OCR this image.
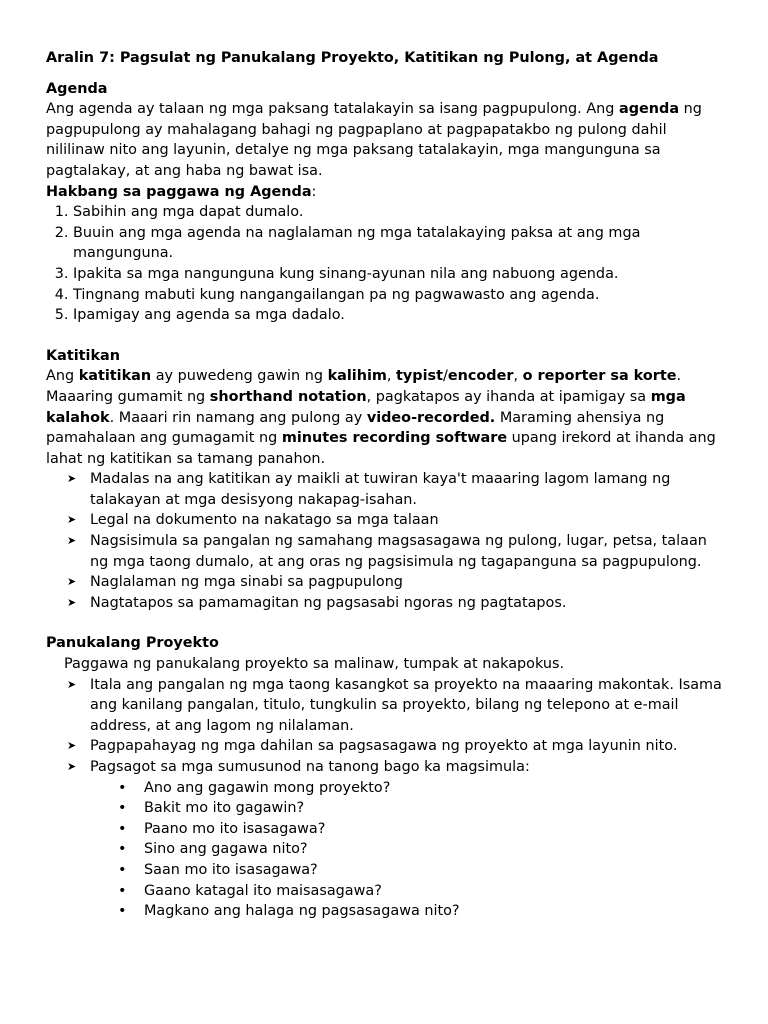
Aralin 7: Pagsulat ng Panukalang Proyekto, Katitikan ng Pulong, at Agenda

Agenda

Ang agenda ay talaan ng mga paksang tatalakayin sa isang pagpupulong. Ang agenda ng pagpupulong ay mahalagang bahagi ng pagpaplano at pagpapatakbo ng pulong dahil nililinaw nito ang layunin, detalye ng mga paksang tatalakayin, mga mangunguna sa pagtalakay, at ang haba ng bawat isa.

Hakbang sa paggawa ng Agenda:

1. Sabihin ang mga dapat dumalo.
2. Buuin ang mga agenda na naglalaman ng mga tatalakaying paksa at ang mga mangunguna.
3. Ipakita sa mga nangunguna kung sinang-ayunan nila ang nabuong agenda.
4. Tingnang mabuti kung nangangailangan pa ng pagwawasto ang agenda.
5. Ipamigay ang agenda sa mga dadalo.

Katitikan

Ang katitikan ay puwedeng gawin ng kalihim, typist/encoder, o reporter sa korte. Maaaring gumamit ng shorthand notation, pagkatapos ay ihanda at ipamigay sa mga kalahok. Maaari rin namang ang pulong ay video-recorded. Maraming ahensiya ng pamahalaan ang gumagamit ng minutes recording software upang irekord at ihanda ang lahat ng katitikan sa tamang panahon.

➤ Madalas na ang katitikan ay maikli at tuwiran kaya't maaaring lagom lamang ng talakayan at mga desisyong nakapag-isahan.
➤ Legal na dokumento na nakatago sa mga talaan
➤ Nagsisimula sa pangalan ng samahang magsasagawa ng pulong, lugar, petsa, talaan ng mga taong dumalo, at ang oras ng pagsisimula ng tagapanguna sa pagpupulong.
➤ Naglalaman ng mga sinabi sa pagpupulong
➤ Nagtatapos sa pamamagitan ng pagsasabi ngoras ng pagtatapos.

Panukalang Proyekto

Paggawa ng panukalang proyekto sa malinaw, tumpak at nakapokus.

➤ Itala ang pangalan ng mga taong kasangkot sa proyekto na maaaring makontak. Isama ang kanilang pangalan, titulo, tungkulin sa proyekto, bilang ng telepono at e-mail address, at ang lagom ng nilalaman.
➤ Pagpapahayag ng mga dahilan sa pagsasagawa ng proyekto at mga layunin nito.
➤ Pagsagot sa mga sumusunod na tanong bago ka magsimula:
• Ano ang gagawin mong proyekto?
• Bakit mo ito gagawin?
• Paano mo ito isasagawa?
• Sino ang gagawa nito?
• Saan mo ito isasagawa?
• Gaano katagal ito maisasagawa?
• Magkano ang halaga ng pagsasagawa nito?
